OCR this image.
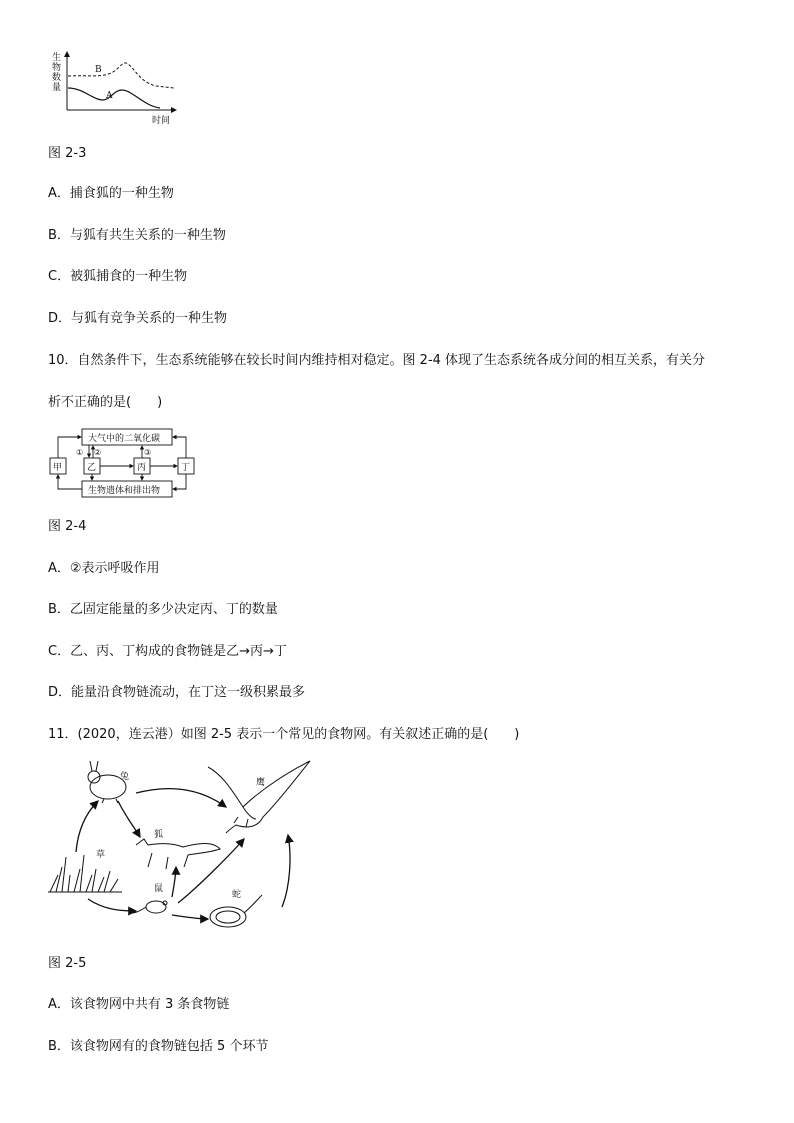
生
物
数
量
B
A
时间
图 2-3
A．捕食狐的一种生物
B．与狐有共生关系的一种生物
C．被狐捕食的一种生物
D．与狐有竞争关系的一种生物
10．自然条件下，生态系统能够在较长时间内维持相对稳定。图 2-4 体现了生态系统各成分间的相互关系，有关分
析不正确的是(　　)
大气中的二氧化碳
生物遗体和排出物
甲	乙	丙	丁
① ②	③
图 2-4
A．②表示呼吸作用
B．乙固定能量的多少决定丙、丁的数量
C．乙、丙、丁构成的食物链是乙→丙→丁
D．能量沿食物链流动，在丁这一级积累最多
11．(2020，连云港）如图 2-5 表示一个常见的食物网。有关叙述正确的是(　　)
兔
鹰
狐
草
鼠
蛇
图 2-5
A．该食物网中共有 3 条食物链
B．该食物网有的食物链包括 5 个环节
